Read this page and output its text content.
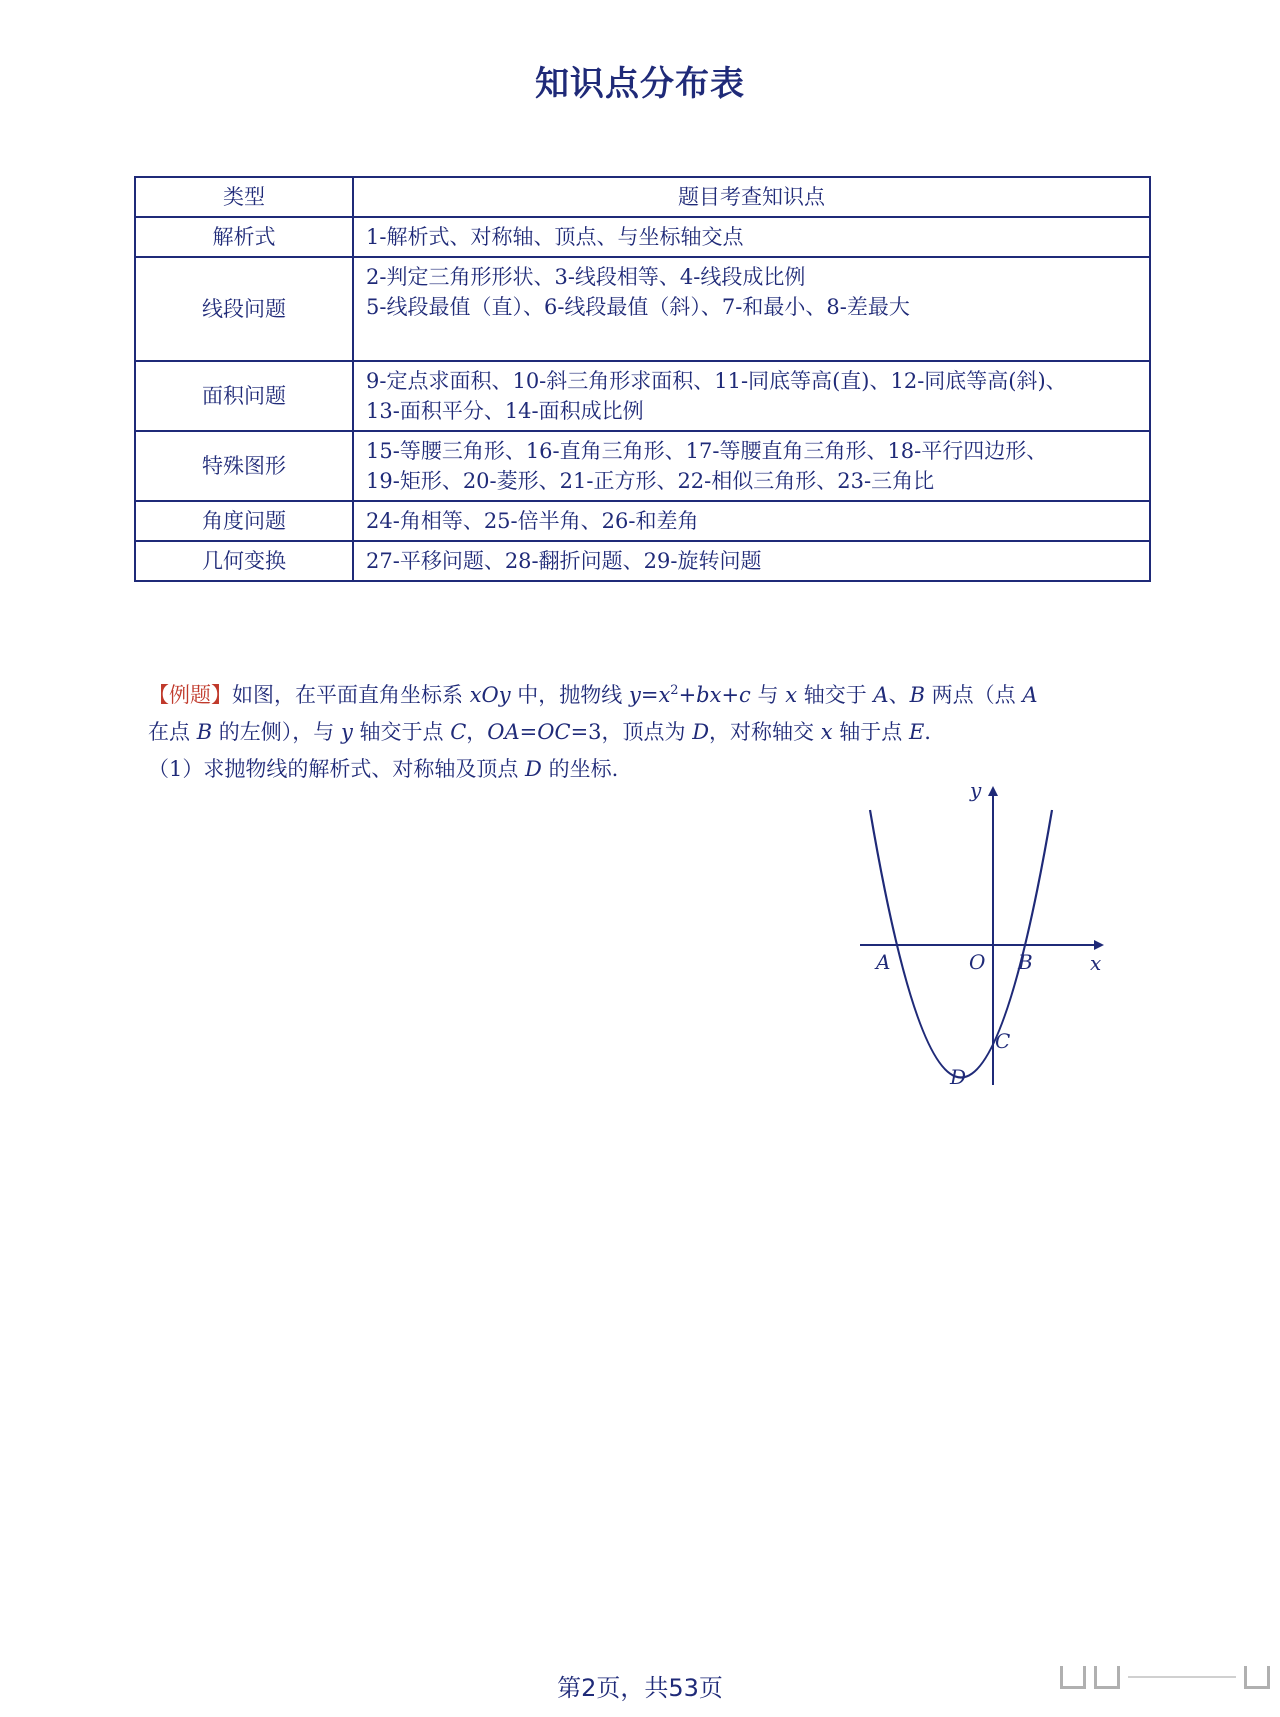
知识点分布表
类型	题目考查知识点
解析式	1-解析式、对称轴、顶点、与坐标轴交点

线段问题	2-判定三角形形状、3-线段相等、4-线段成比例
5-线段最值（直）、6-线段最值（斜）、7-和最小、8-差最大

面积问题	9-定点求面积、10-斜三角形求面积、11-同底等高(直)、12-同底等高(斜)、
13-面积平分、14-面积成比例

特殊图形	15-等腰三角形、16-直角三角形、17-等腰直角三角形、18-平行四边形、
19-矩形、20-菱形、21-正方形、22-相似三角形、23-三角比

角度问题	24-角相等、25-倍半角、26-和差角

几何变换	27-平移问题、28-翻折问题、29-旋转问题
【例题】如图，在平面直角坐标系 xOy 中，抛物线 $y=x^2+bx+c$ 与 x 轴交于 A、B 两点（点 A
在点 B 的左侧），与 y 轴交于点 C，OA=OC=3，顶点为 D，对称轴交 x 轴于点 E.
（1）求抛物线的解析式、对称轴及顶点 D 的坐标.
y
x
A	O B
C
D
第2页，共53页
